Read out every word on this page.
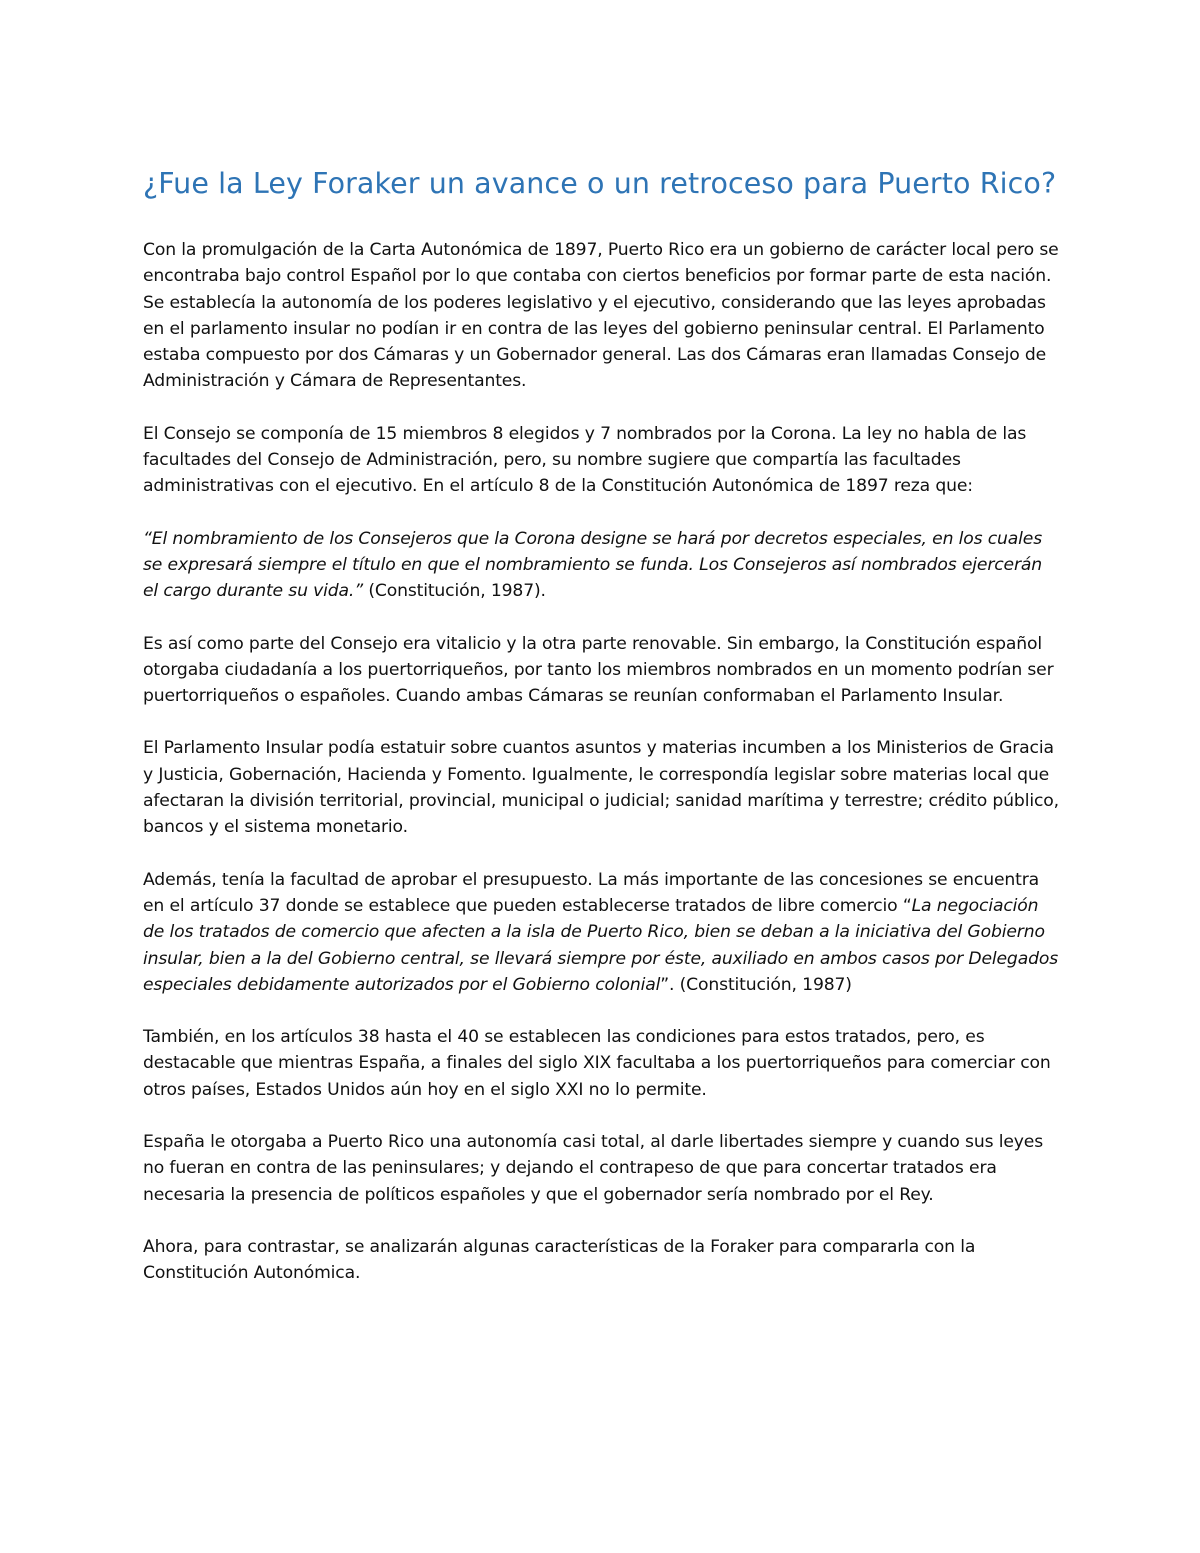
¿Fue la Ley Foraker un avance o un retroceso para Puerto Rico?

Con la promulgación de la Carta Autonómica de 1897, Puerto Rico era un gobierno de carácter local pero se encontraba bajo control Español por lo que contaba con ciertos beneficios por formar parte de esta nación. Se establecía la autonomía de los poderes legislativo y el ejecutivo, considerando que las leyes aprobadas en el parlamento insular no podían ir en contra de las leyes del gobierno peninsular central. El Parlamento estaba compuesto por dos Cámaras y un Gobernador general. Las dos Cámaras eran llamadas Consejo de Administración y Cámara de Representantes.

El Consejo se componía de 15 miembros 8 elegidos y 7 nombrados por la Corona. La ley no habla de las facultades del Consejo de Administración, pero, su nombre sugiere que compartía las facultades administrativas con el ejecutivo. En el artículo 8 de la Constitución Autonómica de 1897 reza que:

“El nombramiento de los Consejeros que la Corona designe se hará por decretos especiales, en los cuales se expresará siempre el título en que el nombramiento se funda. Los Consejeros así nombrados ejercerán el cargo durante su vida.” (Constitución, 1987).

Es así como parte del Consejo era vitalicio y la otra parte renovable. Sin embargo, la Constitución español otorgaba ciudadanía a los puertorriqueños, por tanto los miembros nombrados en un momento podrían ser puertorriqueños o españoles. Cuando ambas Cámaras se reunían conformaban el Parlamento Insular.

El Parlamento Insular podía estatuir sobre cuantos asuntos y materias incumben a los Ministerios de Gracia y Justicia, Gobernación, Hacienda y Fomento. Igualmente, le correspondía legislar sobre materias local que afectaran la división territorial, provincial, municipal o judicial; sanidad marítima y terrestre; crédito público, bancos y el sistema monetario.

Además, tenía la facultad de aprobar el presupuesto. La más importante de las concesiones se encuentra en el artículo 37 donde se establece que pueden establecerse tratados de libre comercio “La negociación de los tratados de comercio que afecten a la isla de Puerto Rico, bien se deban a la iniciativa del Gobierno insular, bien a la del Gobierno central, se llevará siempre por éste, auxiliado en ambos casos por Delegados especiales debidamente autorizados por el Gobierno colonial”. (Constitución, 1987)

También, en los artículos 38 hasta el 40 se establecen las condiciones para estos tratados, pero, es destacable que mientras España, a finales del siglo XIX facultaba a los puertorriqueños para comerciar con otros países, Estados Unidos aún hoy en el siglo XXI no lo permite.

España le otorgaba a Puerto Rico una autonomía casi total, al darle libertades siempre y cuando sus leyes no fueran en contra de las peninsulares; y dejando el contrapeso de que para concertar tratados era necesaria la presencia de políticos españoles y que el gobernador sería nombrado por el Rey.

Ahora, para contrastar, se analizarán algunas características de la Foraker para compararla con la Constitución Autonómica.
